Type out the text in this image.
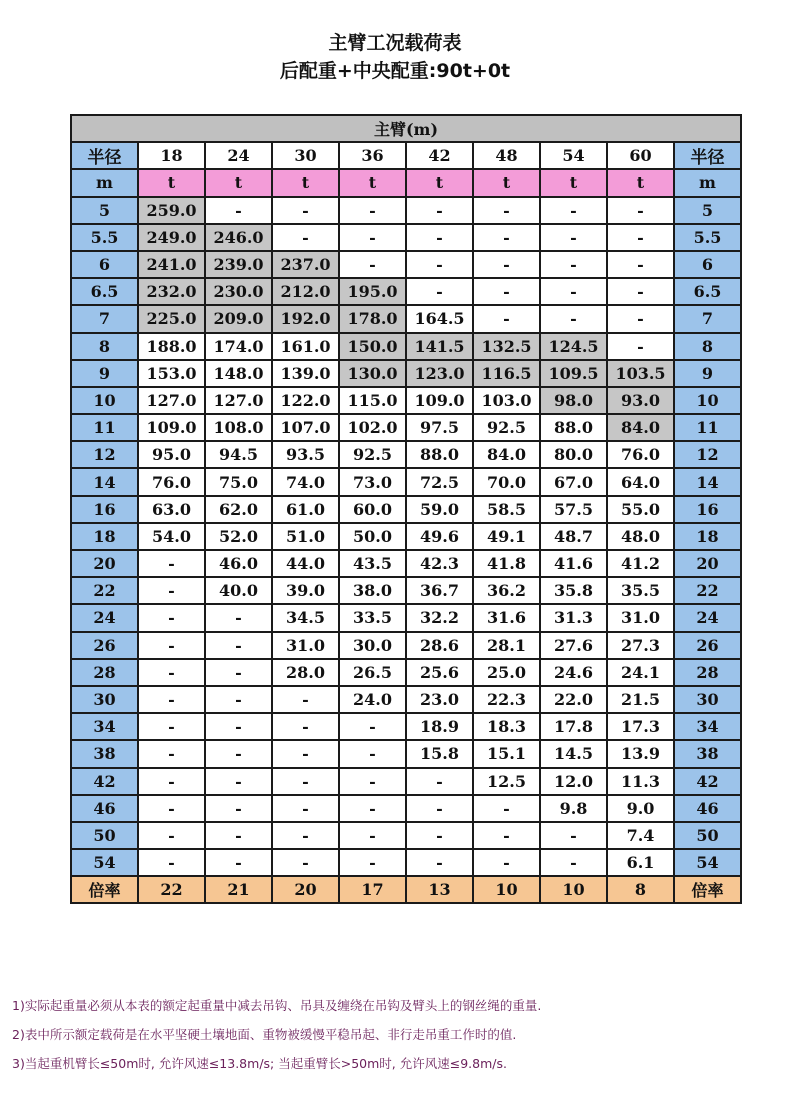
主臂工况载荷表
后配重+中央配重:90t+0t
主臂(m)									
半径	18	24	30	36	42	48	54	60	半径
m	t	t	t	t	t	t	t	t	m
5	259.0	-	-	-	-	-	-	-	5
5.5	249.0	246.0	-	-	-	-	-	-	5.5
6	241.0	239.0	237.0	-	-	-	-	-	6
6.5	232.0	230.0	212.0	195.0	-	-	-	-	6.5
7	225.0	209.0	192.0	178.0	164.5	-	-	-	7
8	188.0	174.0	161.0	150.0	141.5	132.5	124.5	-	8
9	153.0	148.0	139.0	130.0	123.0	116.5	109.5	103.5	9
10	127.0	127.0	122.0	115.0	109.0	103.0	98.0	93.0	10
11	109.0	108.0	107.0	102.0	97.5	92.5	88.0	84.0	11
12	95.0	94.5	93.5	92.5	88.0	84.0	80.0	76.0	12
14	76.0	75.0	74.0	73.0	72.5	70.0	67.0	64.0	14
16	63.0	62.0	61.0	60.0	59.0	58.5	57.5	55.0	16
18	54.0	52.0	51.0	50.0	49.6	49.1	48.7	48.0	18
20	-	46.0	44.0	43.5	42.3	41.8	41.6	41.2	20
22	-	40.0	39.0	38.0	36.7	36.2	35.8	35.5	22
24	-	-	34.5	33.5	32.2	31.6	31.3	31.0	24
26	-	-	31.0	30.0	28.6	28.1	27.6	27.3	26
28	-	-	28.0	26.5	25.6	25.0	24.6	24.1	28
30	-	-	-	24.0	23.0	22.3	22.0	21.5	30
34	-	-	-	-	18.9	18.3	17.8	17.3	34
38	-	-	-	-	15.8	15.1	14.5	13.9	38
42	-	-	-	-	-	12.5	12.0	11.3	42
46	-	-	-	-	-	-	9.8	9.0	46
50	-	-	-	-	-	-	-	7.4	50
54	-	-	-	-	-	-	-	6.1	54
倍率	22	21	20	17	13	10	10	8	倍率
1)实际起重量必须从本表的额定起重量中减去吊钩、吊具及缠绕在吊钩及臂头上的钢丝绳的重量.
2)表中所示额定载荷是在水平坚硬土壤地面、重物被缓慢平稳吊起、非行走吊重工作时的值.
3)当起重机臂长≤50m时, 允许风速≤13.8m/s; 当起重臂长>50m时, 允许风速≤9.8m/s.
